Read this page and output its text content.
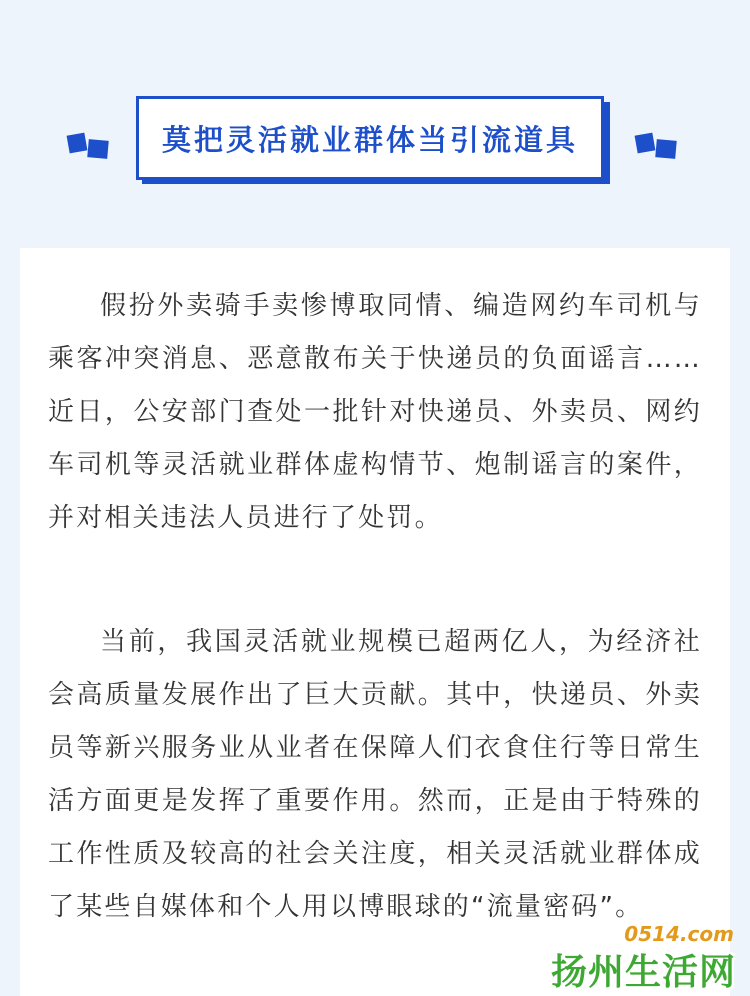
莫把灵活就业群体当引流道具

假扮外卖骑手卖惨博取同情、编造网约车司机与乘客冲突消息、恶意散布关于快递员的负面谣言……近日，公安部门查处一批针对快递员、外卖员、网约车司机等灵活就业群体虚构情节、炮制谣言的案件，并对相关违法人员进行了处罚。

当前，我国灵活就业规模已超两亿人，为经济社会高质量发展作出了巨大贡献。其中，快递员、外卖员等新兴服务业从业者在保障人们衣食住行等日常生活方面更是发挥了重要作用。然而，正是由于特殊的工作性质及较高的社会关注度，相关灵活就业群体成了某些自媒体和个人用以博眼球的“流量密码”。

0514.com
扬州生活网
